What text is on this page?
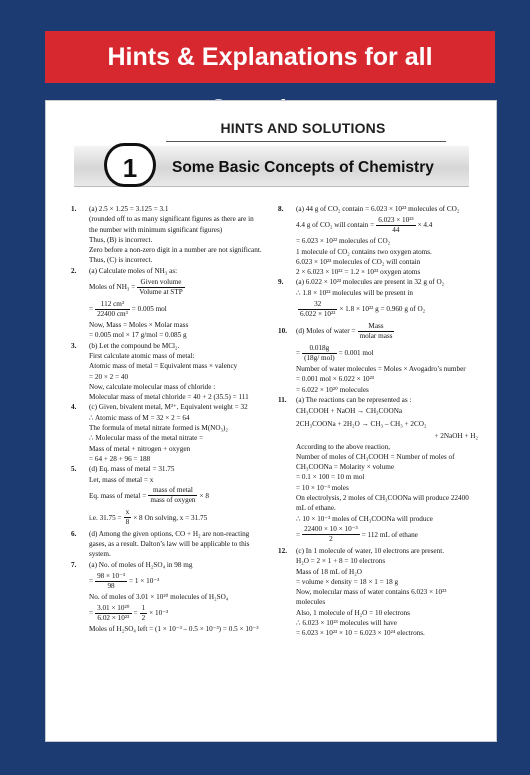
Hints & Explanations for all
HINTS AND SOLUTIONS
1	Some Basic Concepts of Chemistry
1.	(a) 2.5 × 1.25 = 3.125 = 3.1
(rounded off to as many significant figures as there are in
the number with minimum significant figures)
Thus, (B) is incorrect.
Zero before a non-zero digit in a number are not significant.
Thus, (C) is incorrect.
2.	(a) Calculate moles of NH₃ as:
Moles of $NH_3 = \frac{\text{Given volume}}{\text{Volume at STP}}$
= $\frac{\text{112 cm³}}{\text{22400 cm³}} = 0.005$ mol
Now, Mass = Moles × Molar mass
= 0.005 mol × 17 g/mol = 0.085 g
3.	(b) Let the compound be MCl₂.
First calculate atomic mass of metal:
Atomic mass of metal = Equivalent mass × valency
= 20 × 2 = 40
Now, calculate molecular mass of chloride :
Molecular mass of metal chloride = 40 + 2 (35.5) = 111
4.	(c) Given, bivalent metal, M²⁺, Equivalent weight = 32
∴ Atomic mass of M = 32 × 2 = 64
The formula of metal nitrate formed is M(NO₃)₂
∴ Molecular mass of the metal nitrate =
Mass of metal + nitrogen + oxygen
= 64 + 28 + 96 = 188
5.	(d) Eq. mass of metal = 31.75
Let, mass of metal = x
Eq. mass of metal = $\frac{\text{mass of metal}}{\text{mass of oxygen}} \times 8$
i.e. $31.75 = \frac{x}{8} \times 8$ On solving, x = 31.75
6.	(d) Among the given options, CO + H₂ are non-reacting
gases, as a result. Dalton’s law will be applicable to this
system.
7.	(a) No. of moles of H₂SO₄ in 98 mg
= $\frac{\text{98 × 10⁻³}}{98} = 1 \times 10^{-3}$
No. of moles of 3.01 × 10²⁰ molecules of H₂SO₄
= $\frac{\text{3.01 × 10²⁰}}{\text{6.02 × 10²³}} = \frac{1}{2} \times 10^{-3}$
Moles of H₂SO₄ left = (1 × 10⁻³ – 0.5 × 10⁻³) = 0.5 × 10⁻³
8.	(a) 44 g of CO₂ contain = 6.023 × 10²³ molecules of CO₂
4.4 g of CO₂ will contain = $\frac{\text{6.023 × 10²³}}{44} \times 4.4$
= 6.023 × 10²² molecules of CO₂
1 molecule of CO₂ contains two oxygen atoms.
6.023 × 10²² molecules of CO₂ will contain
2 × 6.023 × 10²² = 1.2 × 10²³ oxygen atoms
9.	(a) 6.022 × 10²³ molecules are present in 32 g of O₂
∴ 1.8 × 10²² molecules will be present in
$\frac{32}{\text{6.022 × 10²³}} \times 1.8 \times 10^{22}$ g = 0.960 g of O₂
10. (d) Moles of water = $\frac{\text{Mass}}{\text{molar mass}}$
= $\frac{0.018g}{\text{(18g/ mol)}} = 0.001$ mol
Number of water molecules = Moles × Avogadro’s number
= 0.001 mol × 6.022 × 10²³
= 6.022 × 10²⁰ molecules
11.	(a) The reactions can be represented as :
CH₃COOH + NaOH → CH₃COONa
2CH₃COONa + 2H₂O → CH₃ – CH₃ + 2CO₂
+ 2NaOH + H₂
According to the above reaction,
Number of moles of CH₃COOH = Number of moles of
CH₃COONa = Molarity × volume
= 0.1 × 100 = 10 m mol
= 10 × 10⁻³ moles
On electrolysis, 2 moles of CH₃COONa will produce 22400
mL of ethane.
∴ 10 × 10⁻³ moles of CH₃COONa will produce
= $\frac{\text{22400 × 10 × 10⁻³}}{2} = 112$ mL of ethane
12.	(c) In 1 molecule of water, 10 electrons are present.
H₂O = 2 × 1 + 8 = 10 electrons
Mass of 18 mL of H₂O
= volume × density = 18 × 1 = 18 g
Now, molecular mass of water contains 6.023 × 10²³
molecules
Also, 1 molecule of H₂O = 10 electrons
∴ 6.023 × 10²³ molecules will have
= 6.023 × 10²³ × 10 = 6.023 × 10²⁴ electrons.
